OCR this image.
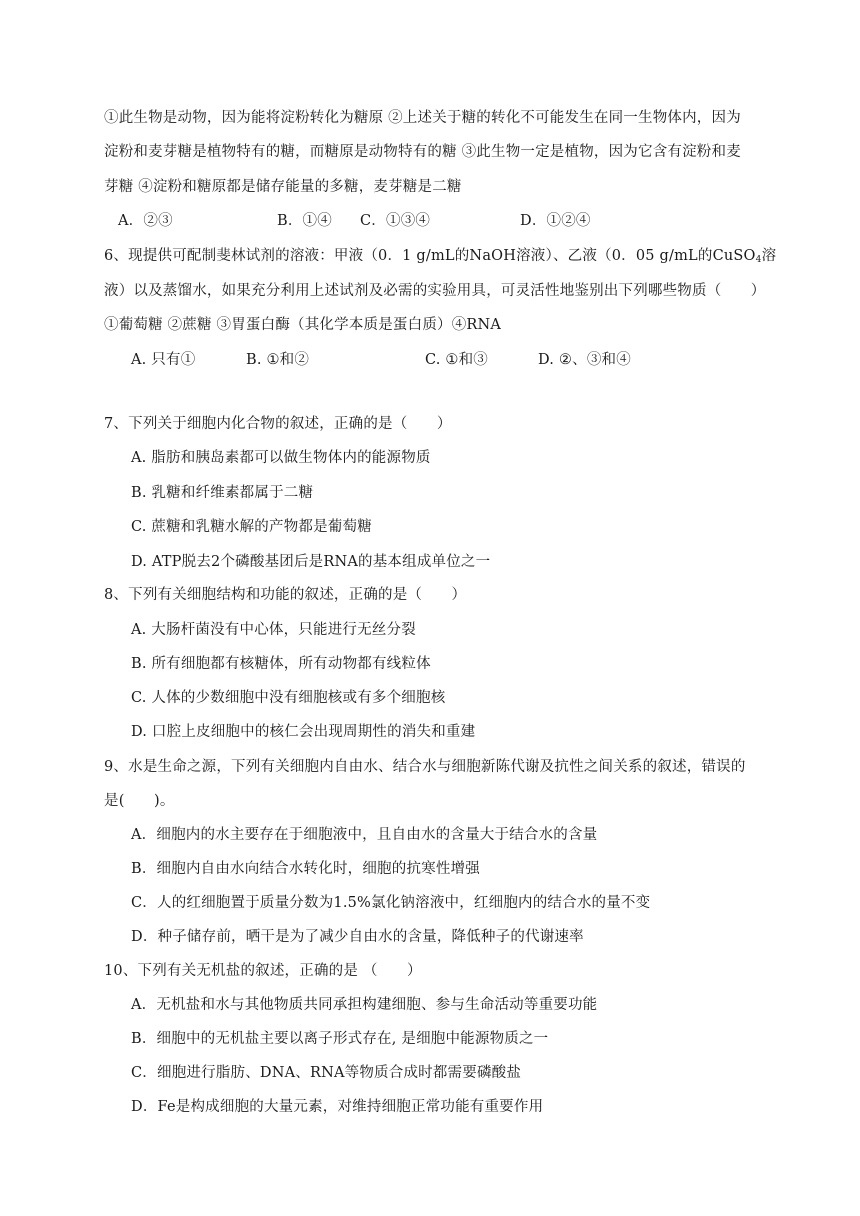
①此生物是动物，因为能将淀粉转化为糖原 ②上述关于糖的转化不可能发生在同一生物体内，因为
淀粉和麦芽糖是植物特有的糖，而糖原是动物特有的糖 ③此生物一定是植物，因为它含有淀粉和麦
芽糖 ④淀粉和糖原都是储存能量的多糖，麦芽糖是二糖
A．②③	B．①④ C．①③④	D．①②④
6、现提供可配制斐林试剂的溶液：甲液（0．1 g/mL的NaOH溶液）、乙液（0．05 g/mL的CuSO$_4$溶
液）以及蒸馏水，如果充分利用上述试剂及必需的实验用具，可灵活性地鉴别出下列哪些物质（　　）
①葡萄糖 ②蔗糖 ③胃蛋白酶（其化学本质是蛋白质）④RNA
A. 只有①	B. ①和②	C. ①和③	D. ②、③和④
7、下列关于细胞内化合物的叙述，正确的是（　　）
A. 脂肪和胰岛素都可以做生物体内的能源物质
B. 乳糖和纤维素都属于二糖
C. 蔗糖和乳糖水解的产物都是葡萄糖
D. ATP脱去2个磷酸基团后是RNA的基本组成单位之一
8、下列有关细胞结构和功能的叙述，正确的是（　　）
A. 大肠杆菌没有中心体，只能进行无丝分裂
B. 所有细胞都有核糖体，所有动物都有线粒体
C. 人体的少数细胞中没有细胞核或有多个细胞核
D. 口腔上皮细胞中的核仁会出现周期性的消失和重建
9、水是生命之源，下列有关细胞内自由水、结合水与细胞新陈代谢及抗性之间关系的叙述，错误的
是(　　)。
A．细胞内的水主要存在于细胞液中，且自由水的含量大于结合水的含量
B．细胞内自由水向结合水转化时，细胞的抗寒性增强
C．人的红细胞置于质量分数为1.5%氯化钠溶液中，红细胞内的结合水的量不变
D．种子储存前，晒干是为了减少自由水的含量，降低种子的代谢速率
10、下列有关无机盐的叙述，正确的是 （　　）
A．无机盐和水与其他物质共同承担构建细胞、参与生命活动等重要功能
B．细胞中的无机盐主要以离子形式存在, 是细胞中能源物质之一
C．细胞进行脂肪、DNA、RNA等物质合成时都需要磷酸盐
D．Fe是构成细胞的大量元素，对维持细胞正常功能有重要作用
